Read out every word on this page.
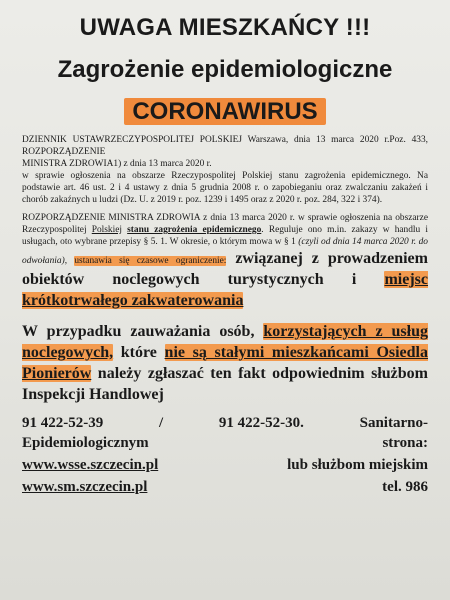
UWAGA MIESZKAŃCY !!!
Zagrożenie epidemiologiczne
CORONAWIRUS
DZIENNIK USTAWRZECZYPOSPOLITEJ POLSKIEJ Warszawa, dnia 13 marca 2020 r.Poz. 433, ROZPORZĄDZENIE
MINISTRA ZDROWIA1) z dnia 13 marca 2020 r.
w sprawie ogłoszenia na obszarze Rzeczypospolitej Polskiej stanu zagrożenia epidemicznego. Na podstawie art. 46 ust. 2 i 4 ustawy z dnia 5 grudnia 2008 r. o zapobieganiu oraz zwalczaniu zakażeń i chorób zakaźnych u ludzi (Dz. U. z 2019 r. poz. 1239 i 1495 oraz z 2020 r. poz. 284, 322 i 374).
ROZPORZĄDZENIE MINISTRA ZDROWIA z dnia 13 marca 2020 r. w sprawie ogłoszenia na obszarze Rzeczypospolitej Polskiej stanu zagrożenia epidemicznego. Reguluje ono m.in. zakazy w handlu i usługach, oto wybrane przepisy § 5. 1. W okresie, o którym mowa w § 1 (czyli od dnia 14 marca 2020 r. do odwołania), ustanawia się czasowe ograniczenie: związanej z prowadzeniem obiektów noclegowych turystycznych i miejsc krótkotrwałego zakwaterowania
W przypadku zauważania osób, korzystających z usług noclegowych, które nie są stałymi mieszkańcami Osiedla Pionierów należy zgłaszać ten fakt odpowiednim służbom Inspekcji Handlowej
91 422-52-39	/	91 422-52-30.	Sanitarno-
Epidemiologicznym	strona:
www.wsse.szczecin.pl	lub służbom miejskim
www.sm.szczecin.pl	tel. 986
